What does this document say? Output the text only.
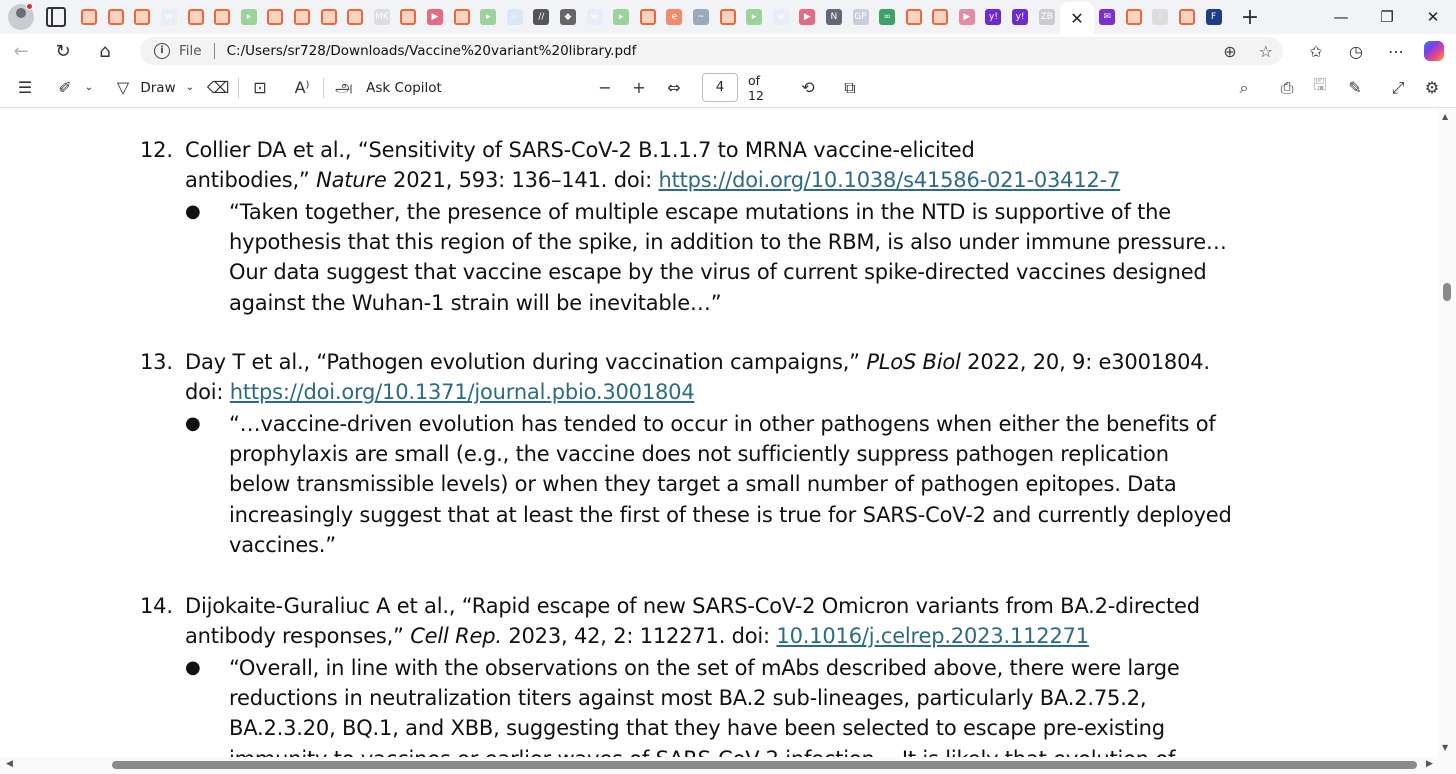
w	▸	MK	▶	▸	⌕	//	◆	w	▸	e	~	▸	w	▶	N	GP	∞	▶	y!	y!	ZB ✕	✉	◦	F +	—	❐	✕
←	↻	⌂	i	File C:/Users/sr728/Downloads/Vaccine%20variant%20library.pdf	⊕ ☆	✩	◷	⋯
☰	✐	⌄	▽ Draw	⌄ ⌫	⊡	A⁾	அ Ask Copilot	− +	⇔	4	of 12	⟲ ⧉	⌕	⎙ 🖫 ✎ ⤢ ⚙
12. Collier DA et al., “Sensitivity of SARS-CoV-2 B.1.1.7 to MRNA vaccine-elicited
antibodies,” Nature 2021, 593: 136–141. doi: https://doi.org/10.1038/s41586-021-03412-7
● “Taken together, the presence of multiple escape mutations in the NTD is supportive of the
hypothesis that this region of the spike, in addition to the RBM, is also under immune pressure…
Our data suggest that vaccine escape by the virus of current spike-directed vaccines designed
against the Wuhan-1 strain will be inevitable…”
13. Day T et al., “Pathogen evolution during vaccination campaigns,” PLoS Biol 2022, 20, 9: e3001804.
doi: https://doi.org/10.1371/journal.pbio.3001804
● “…vaccine-driven evolution has tended to occur in other pathogens when either the benefits of
prophylaxis are small (e.g., the vaccine does not sufficiently suppress pathogen replication
below transmissible levels) or when they target a small number of pathogen epitopes. Data
increasingly suggest that at least the first of these is true for SARS-CoV-2 and currently deployed
vaccines.”
14. Dijokaite-Guraliuc A et al., “Rapid escape of new SARS-CoV-2 Omicron variants from BA.2-directed
antibody responses,” Cell Rep. 2023, 42, 2: 112271. doi: 10.1016/j.celrep.2023.112271
● “Overall, in line with the observations on the set of mAbs described above, there were large
reductions in neutralization titers against most BA.2 sub-lineages, particularly BA.2.75.2,
BA.2.3.20, BQ.1, and XBB, suggesting that they have been selected to escape pre-existing
▲
▼
◀	▶
